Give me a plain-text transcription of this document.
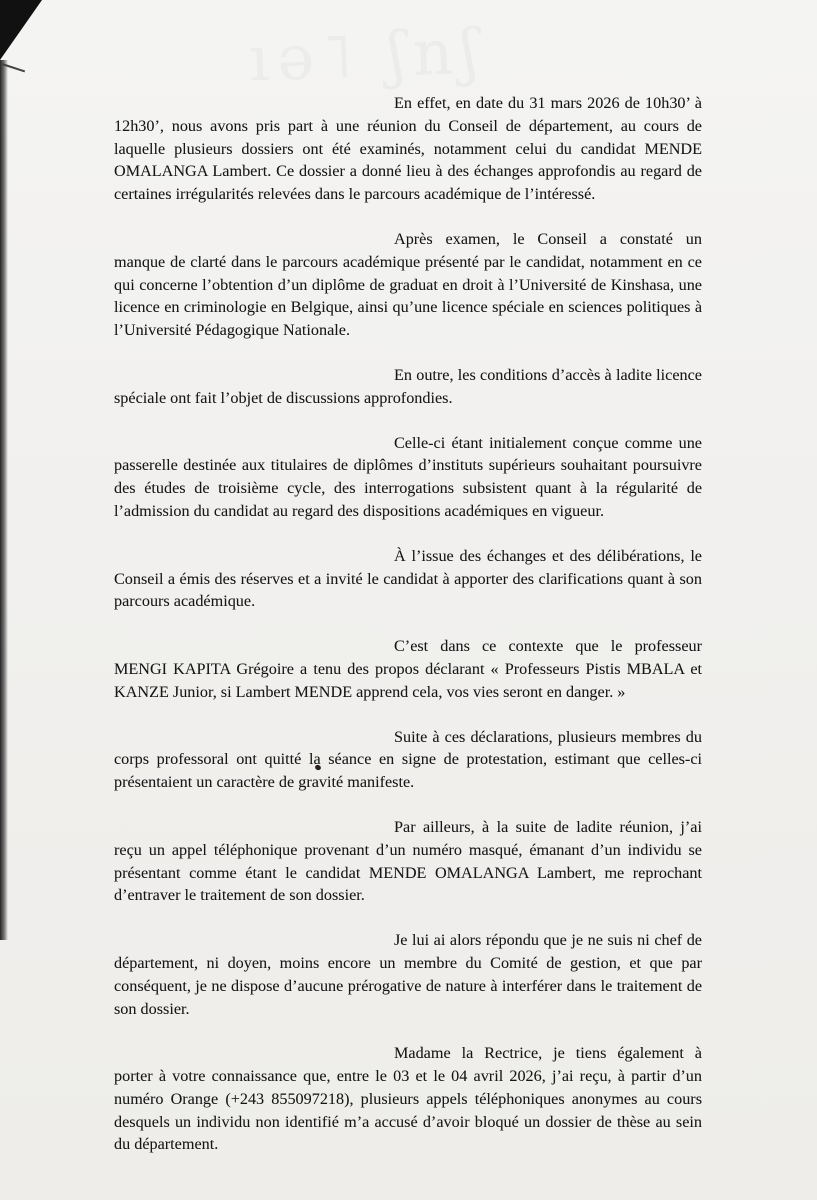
ıǝ˥ ʃnʃ

En effet, en date du 31 mars 2026 de 10h30’ à 12h30’, nous avons pris part à une réunion du Conseil de département, au cours de laquelle plusieurs dossiers ont été examinés, notamment celui du candidat MENDE OMALANGA Lambert. Ce dossier a donné lieu à des échanges approfondis au regard de certaines irrégularités relevées dans le parcours académique de l’intéressé.

Après examen, le Conseil a constaté un manque de clarté dans le parcours académique présenté par le candidat, notamment en ce qui concerne l’obtention d’un diplôme de graduat en droit à l’Université de Kinshasa, une licence en criminologie en Belgique, ainsi qu’une licence spéciale en sciences politiques à l’Université Pédagogique Nationale.

En outre, les conditions d’accès à ladite licence spéciale ont fait l’objet de discussions approfondies.

Celle-ci étant initialement conçue comme une passerelle destinée aux titulaires de diplômes d’instituts supérieurs souhaitant poursuivre des études de troisième cycle, des interrogations subsistent quant à la régularité de l’admission du candidat au regard des dispositions académiques en vigueur.

À l’issue des échanges et des délibérations, le Conseil a émis des réserves et a invité le candidat à apporter des clarifications quant à son parcours académique.

C’est dans ce contexte que le professeur MENGI KAPITA Grégoire a tenu des propos déclarant « Professeurs Pistis MBALA et KANZE Junior, si Lambert MENDE apprend cela, vos vies seront en danger. »

Suite à ces déclarations, plusieurs membres du corps professoral ont quitté la séance en signe de protestation, estimant que celles-ci présentaient un caractère de gravité manifeste.

Par ailleurs, à la suite de ladite réunion, j’ai reçu un appel téléphonique provenant d’un numéro masqué, émanant d’un individu se présentant comme étant le candidat MENDE OMALANGA Lambert, me reprochant d’entraver le traitement de son dossier.

Je lui ai alors répondu que je ne suis ni chef de département, ni doyen, moins encore un membre du Comité de gestion, et que par conséquent, je ne dispose d’aucune prérogative de nature à interférer dans le traitement de son dossier.

Madame la Rectrice, je tiens également à porter à votre connaissance que, entre le 03 et le 04 avril 2026, j’ai reçu, à partir d’un numéro Orange (+243 855097218), plusieurs appels téléphoniques anonymes au cours desquels un individu non identifié m’a accusé d’avoir bloqué un dossier de thèse au sein du département.
